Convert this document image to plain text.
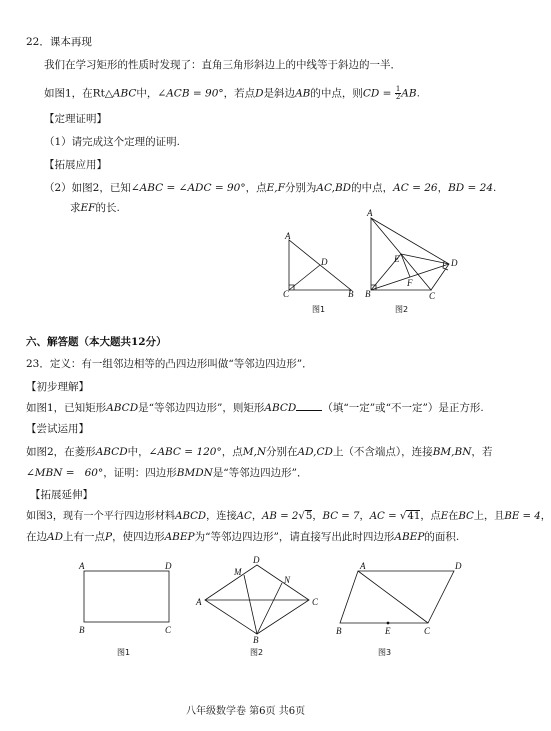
22．课本再现
我们在学习矩形的性质时发现了：直角三角形斜边上的中线等于斜边的一半．
如图1，在Rt△ABC中，∠ACB = 90°，若点D是斜边AB的中点，则CD = $\frac{1}{2}$ AB.
【定理证明】
（1）请完成这个定理的证明.
【拓展应用】
（2）如图2，已知∠ABC = ∠ADC = 90°，点E,F分别为AC,BD的中点，AC = 26，BD = 24.
求EF的长.
A
C	B
D
图1
A
B	C
D
E
F
图2
六、解答题（本大题共12分）
23．定义：有一组邻边相等的凸四边形叫做“等邻边四边形”．
【初步理解】
如图1，已知矩形ABCD是“等邻边四边形”，则矩形ABCD （填“一定”或“不一定”）是正方形.
【尝试运用】
如图2，在菱形ABCD中，∠ABC = 120°，点M,N分别在AD,CD上（不含端点），连接BM,BN，若
∠MBN = 60°，证明：四边形BMDN是“等邻边四边形”．
【拓展延伸】
如图3，现有一个平行四边形材料ABCD，连接AC，AB = 2√5，BC = 7，AC = √41，点E在BC上，且BE = 4，
在边AD上有一点P，使四边形ABEP为“等邻边四边形”，请直接写出此时四边形ABEP的面积.
A	D
B	C
图1
A
D
C
B
M
N
图2
A	D
B	E	C
图3
八年级数学卷 第6页 共6页
